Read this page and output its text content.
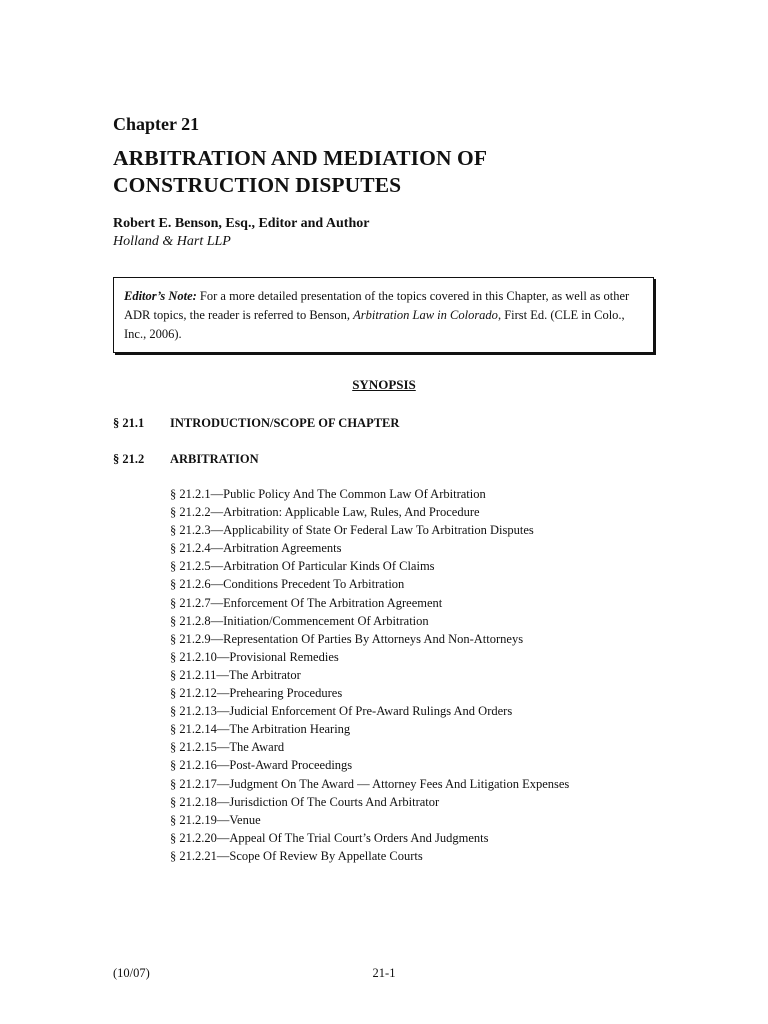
Chapter 21
ARBITRATION AND MEDIATION OF
CONSTRUCTION DISPUTES
Robert E. Benson, Esq., Editor and Author
Holland & Hart LLP
Editor’s Note: For a more detailed presentation of the topics covered in this Chapter, as well as other ADR topics, the reader is referred to Benson, Arbitration Law in Colorado, First Ed. (CLE in Colo., Inc., 2006).
SYNOPSIS
§ 21.1 INTRODUCTION/SCOPE OF CHAPTER
§ 21.2 ARBITRATION
§ 21.2.1—Public Policy And The Common Law Of Arbitration
§ 21.2.2—Arbitration: Applicable Law, Rules, And Procedure
§ 21.2.3—Applicability of State Or Federal Law To Arbitration Disputes
§ 21.2.4—Arbitration Agreements
§ 21.2.5—Arbitration Of Particular Kinds Of Claims
§ 21.2.6—Conditions Precedent To Arbitration
§ 21.2.7—Enforcement Of The Arbitration Agreement
§ 21.2.8—Initiation/Commencement Of Arbitration
§ 21.2.9—Representation Of Parties By Attorneys And Non-Attorneys
§ 21.2.10—Provisional Remedies
§ 21.2.11—The Arbitrator
§ 21.2.12—Prehearing Procedures
§ 21.2.13—Judicial Enforcement Of Pre-Award Rulings And Orders
§ 21.2.14—The Arbitration Hearing
§ 21.2.15—The Award
§ 21.2.16—Post-Award Proceedings
§ 21.2.17—Judgment On The Award — Attorney Fees And Litigation Expenses
§ 21.2.18—Jurisdiction Of The Courts And Arbitrator
§ 21.2.19—Venue
§ 21.2.20—Appeal Of The Trial Court’s Orders And Judgments
§ 21.2.21—Scope Of Review By Appellate Courts
(10/07)	21-1
